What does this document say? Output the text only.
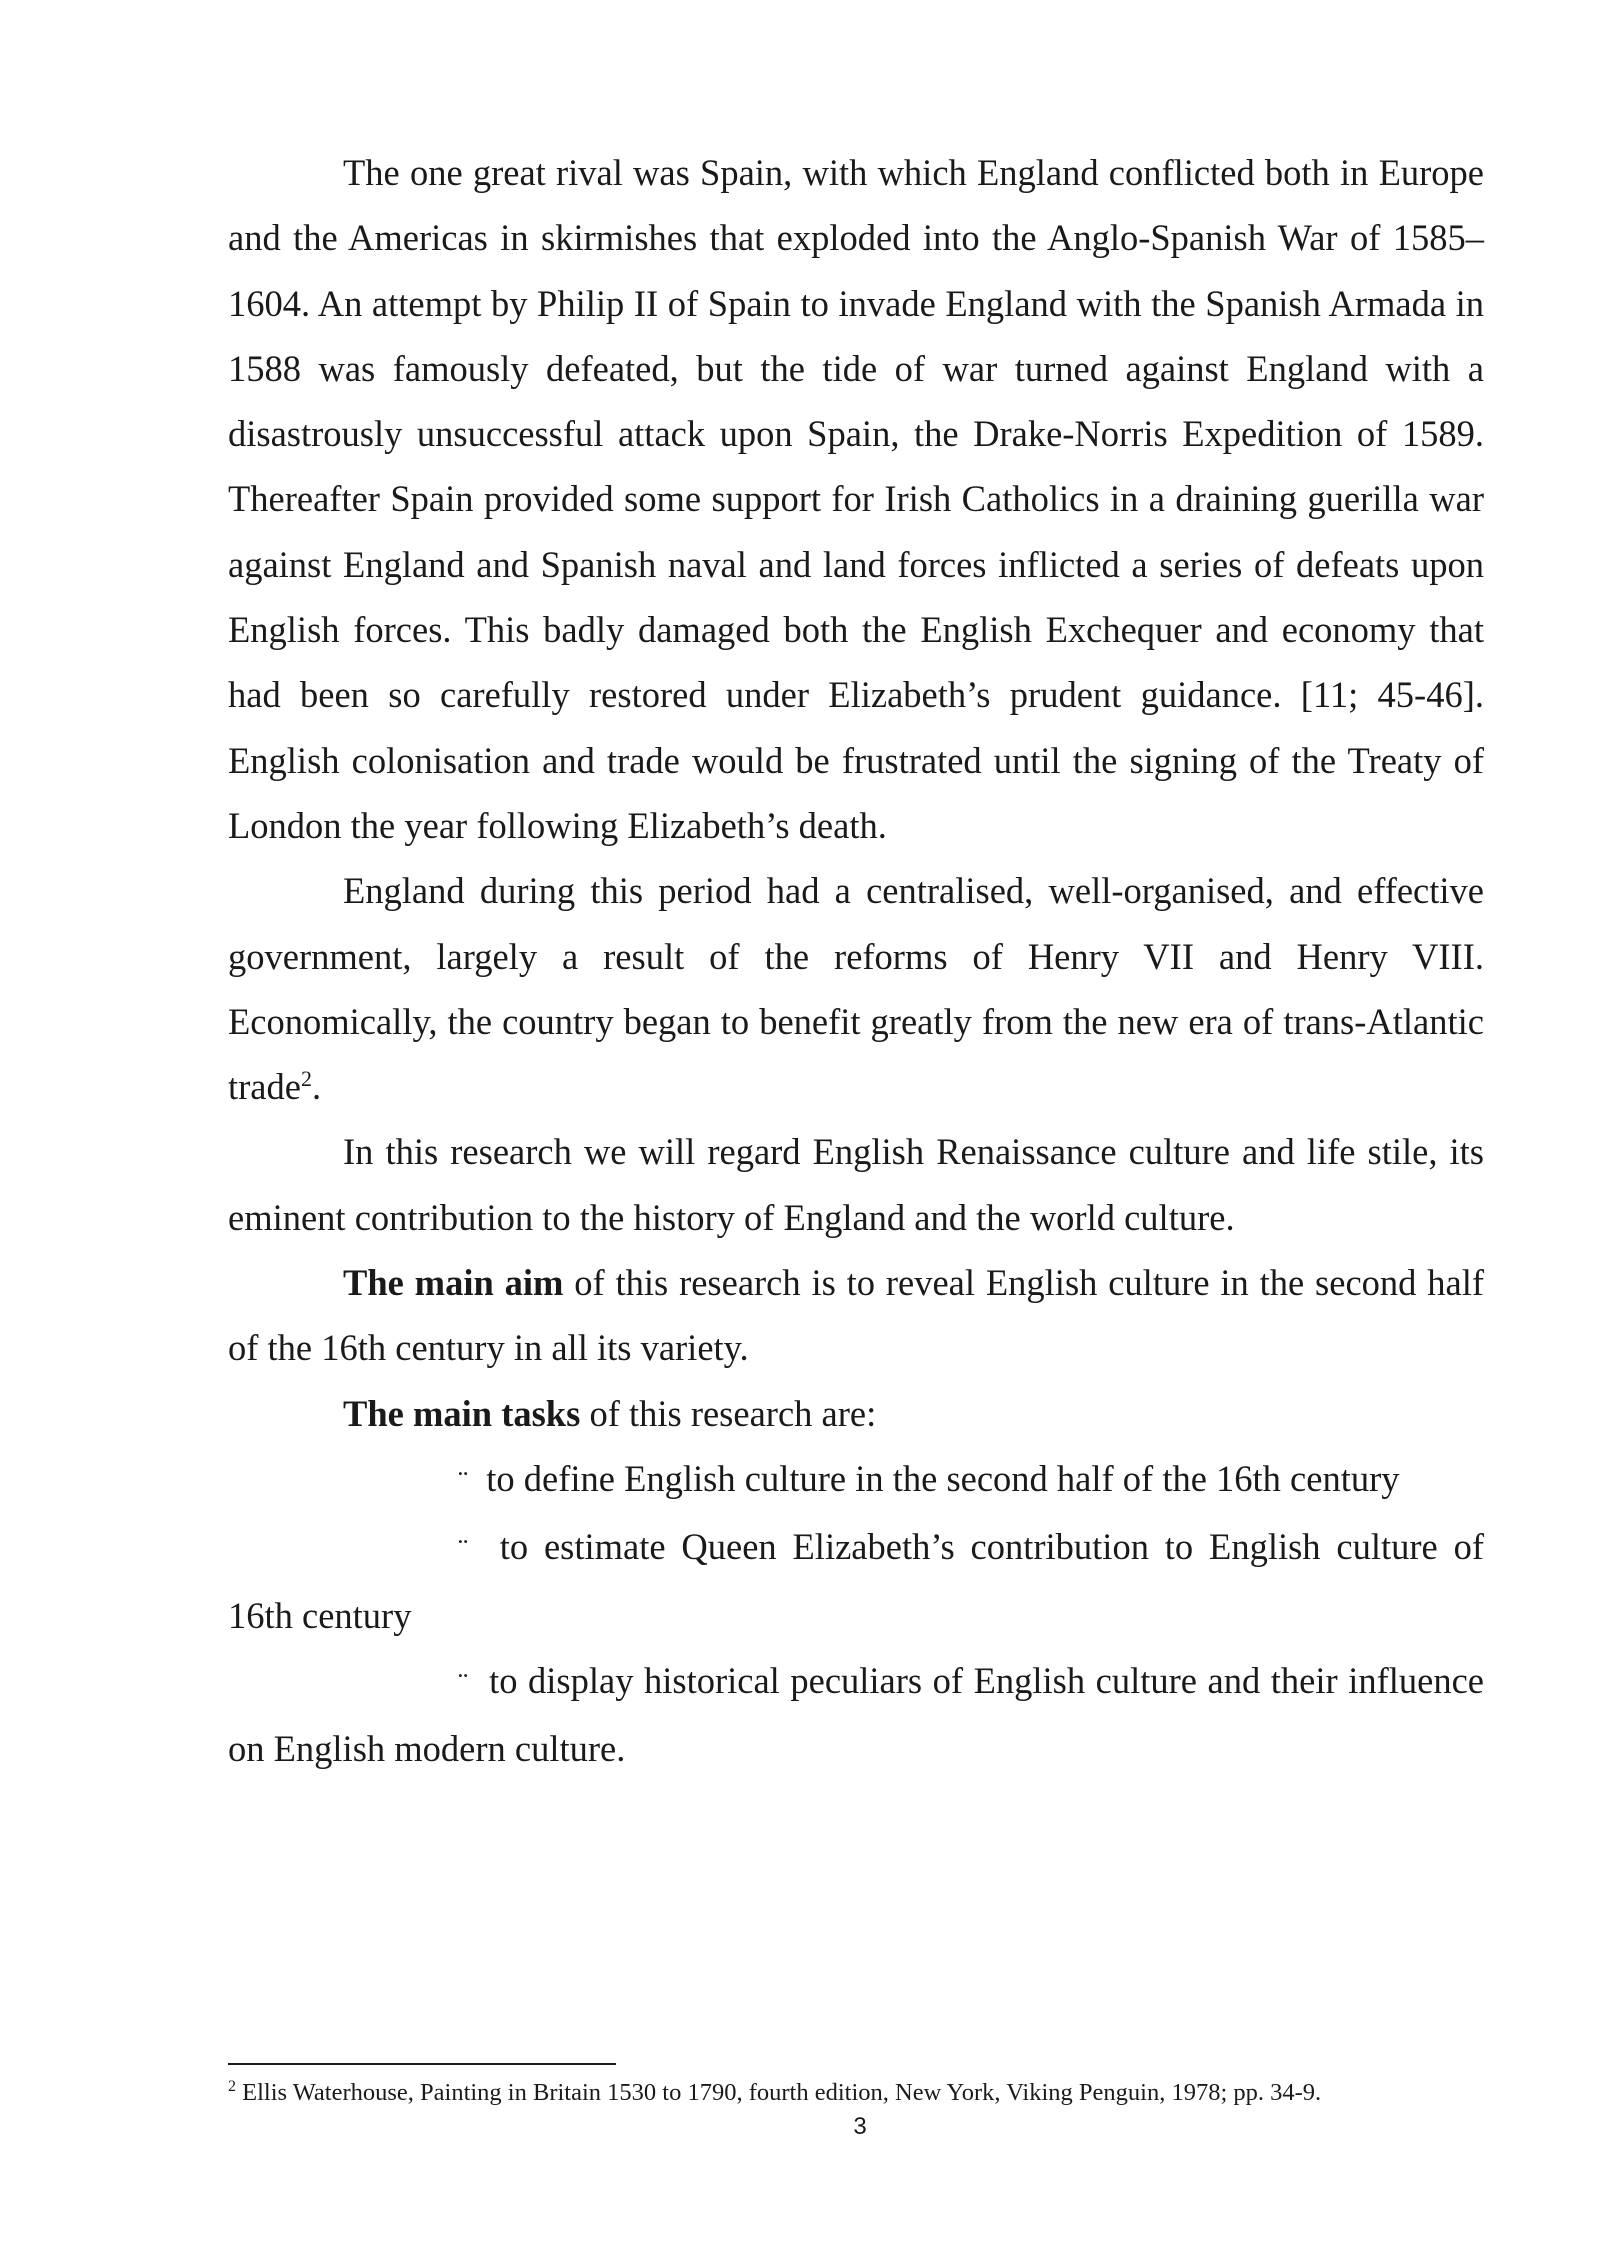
The one great rival was Spain, with which England conflicted both in Europe and the Americas in skirmishes that exploded into the Anglo-Spanish War of 1585–1604. An attempt by Philip II of Spain to invade England with the Spanish Armada in 1588 was famously defeated, but the tide of war turned against England with a disastrously unsuccessful attack upon Spain, the Drake-Norris Expedition of 1589. Thereafter Spain provided some support for Irish Catholics in a draining guerilla war against England and Spanish naval and land forces inflicted a series of defeats upon English forces. This badly damaged both the English Exchequer and economy that had been so carefully restored under Elizabeth’s prudent guidance. [11; 45-46]. English colonisation and trade would be frustrated until the signing of the Treaty of London the year following Elizabeth’s death.

England during this period had a centralised, well-organised, and effective government, largely a result of the reforms of Henry VII and Henry VIII. Economically, the country began to benefit greatly from the new era of trans-Atlantic trade$^2$.

In this research we will regard English Renaissance culture and life stile, its eminent contribution to the history of England and the world culture.

The main aim of this research is to reveal English culture in the second half of the 16th century in all its variety.

The main tasks of this research are:

¨ to define English culture in the second half of the 16th century

¨ to estimate Queen Elizabeth’s contribution to English culture of 16th century

¨ to display historical peculiars of English culture and their influence on English modern culture.

$^2$ Ellis Waterhouse, Painting in Britain 1530 to 1790, fourth edition, New York, Viking Penguin, 1978; pp. 34-9.
3
